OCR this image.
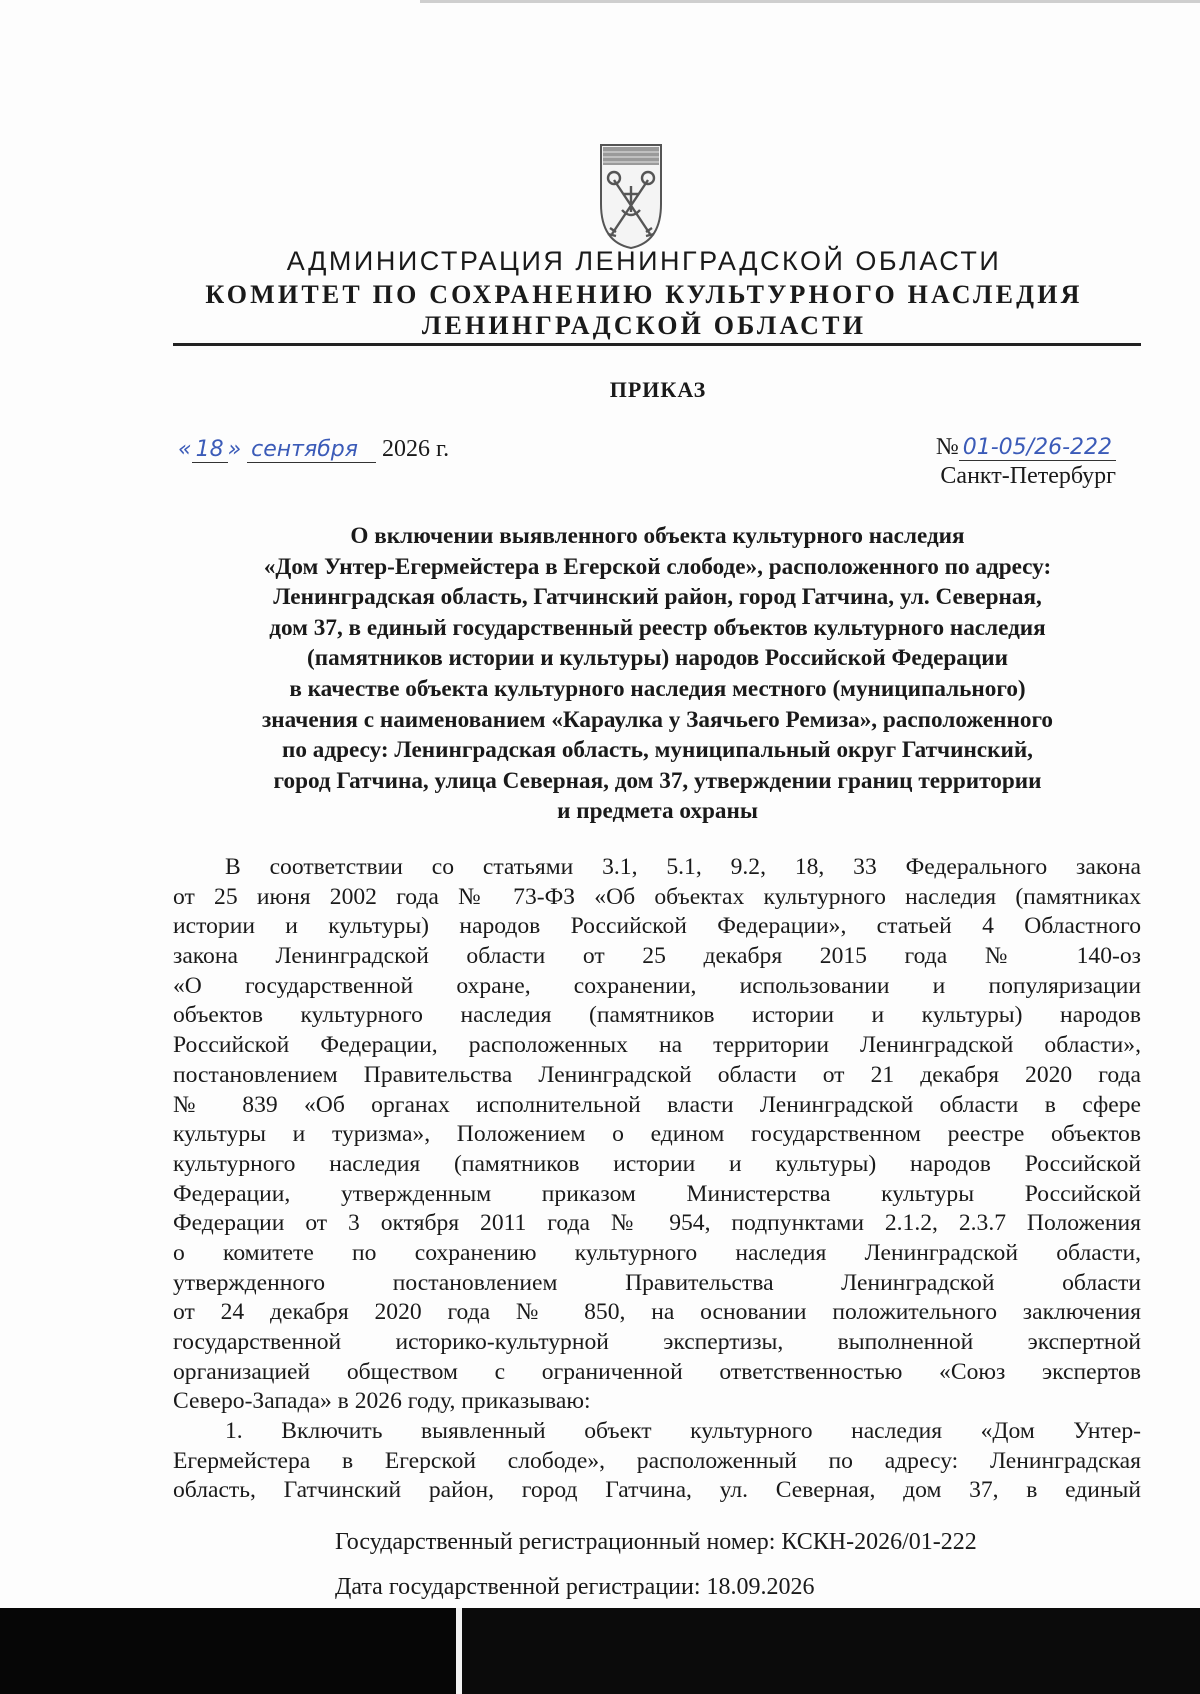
АДМИНИСТРАЦИЯ ЛЕНИНГРАДСКОЙ ОБЛАСТИ
КОМИТЕТ ПО СОХРАНЕНИЮ КУЛЬТУРНОГО НАСЛЕДИЯ
ЛЕНИНГРАДСКОЙ ОБЛАСТИ
ПРИКАЗ
« 18 » сентября 2026 г.	№ 01-05/26-222
Санкт-Петербург
О включении выявленного объекта культурного наследия
«Дом Унтер-Егермейстера в Егерской слободе», расположенного по адресу:
Ленинградская область, Гатчинский район, город Гатчина, ул. Северная,
дом 37, в единый государственный реестр объектов культурного наследия
(памятников истории и культуры) народов Российской Федерации
в качестве объекта культурного наследия местного (муниципального)
значения с наименованием «Караулка у Заячьего Ремиза», расположенного
по адресу: Ленинградская область, муниципальный округ Гатчинский,
город Гатчина, улица Северная, дом 37, утверждении границ территории
и предмета охраны
В соответствии со статьями 3.1, 5.1, 9.2, 18, 33 Федерального закона
от 25 июня 2002 года № 73-ФЗ «Об объектах культурного наследия (памятниках
истории и культуры) народов Российской Федерации», статьей 4 Областного
закона Ленинградской области от 25 декабря 2015 года № 140-оз
«О государственной охране, сохранении, использовании и популяризации
объектов культурного наследия (памятников истории и культуры) народов
Российской Федерации, расположенных на территории Ленинградской области»,
постановлением Правительства Ленинградской области от 21 декабря 2020 года
№ 839 «Об органах исполнительной власти Ленинградской области в сфере
культуры и туризма», Положением о едином государственном реестре объектов
культурного наследия (памятников истории и культуры) народов Российской
Федерации, утвержденным приказом Министерства культуры Российской
Федерации от 3 октября 2011 года № 954, подпунктами 2.1.2, 2.3.7 Положения
о комитете по сохранению культурного наследия Ленинградской области,
утвержденного постановлением Правительства Ленинградской области
от 24 декабря 2020 года № 850, на основании положительного заключения
государственной историко-культурной экспертизы, выполненной экспертной
организацией обществом с ограниченной ответственностью «Союз экспертов
Северо-Запада» в 2026 году, приказываю:
1. Включить выявленный объект культурного наследия «Дом Унтер-
Егермейстера в Егерской слободе», расположенный по адресу: Ленинградская
область, Гатчинский район, город Гатчина, ул. Северная, дом 37, в единый
Государственный регистрационный номер: КСКН-2026/01-222
Дата государственной регистрации: 18.09.2026
